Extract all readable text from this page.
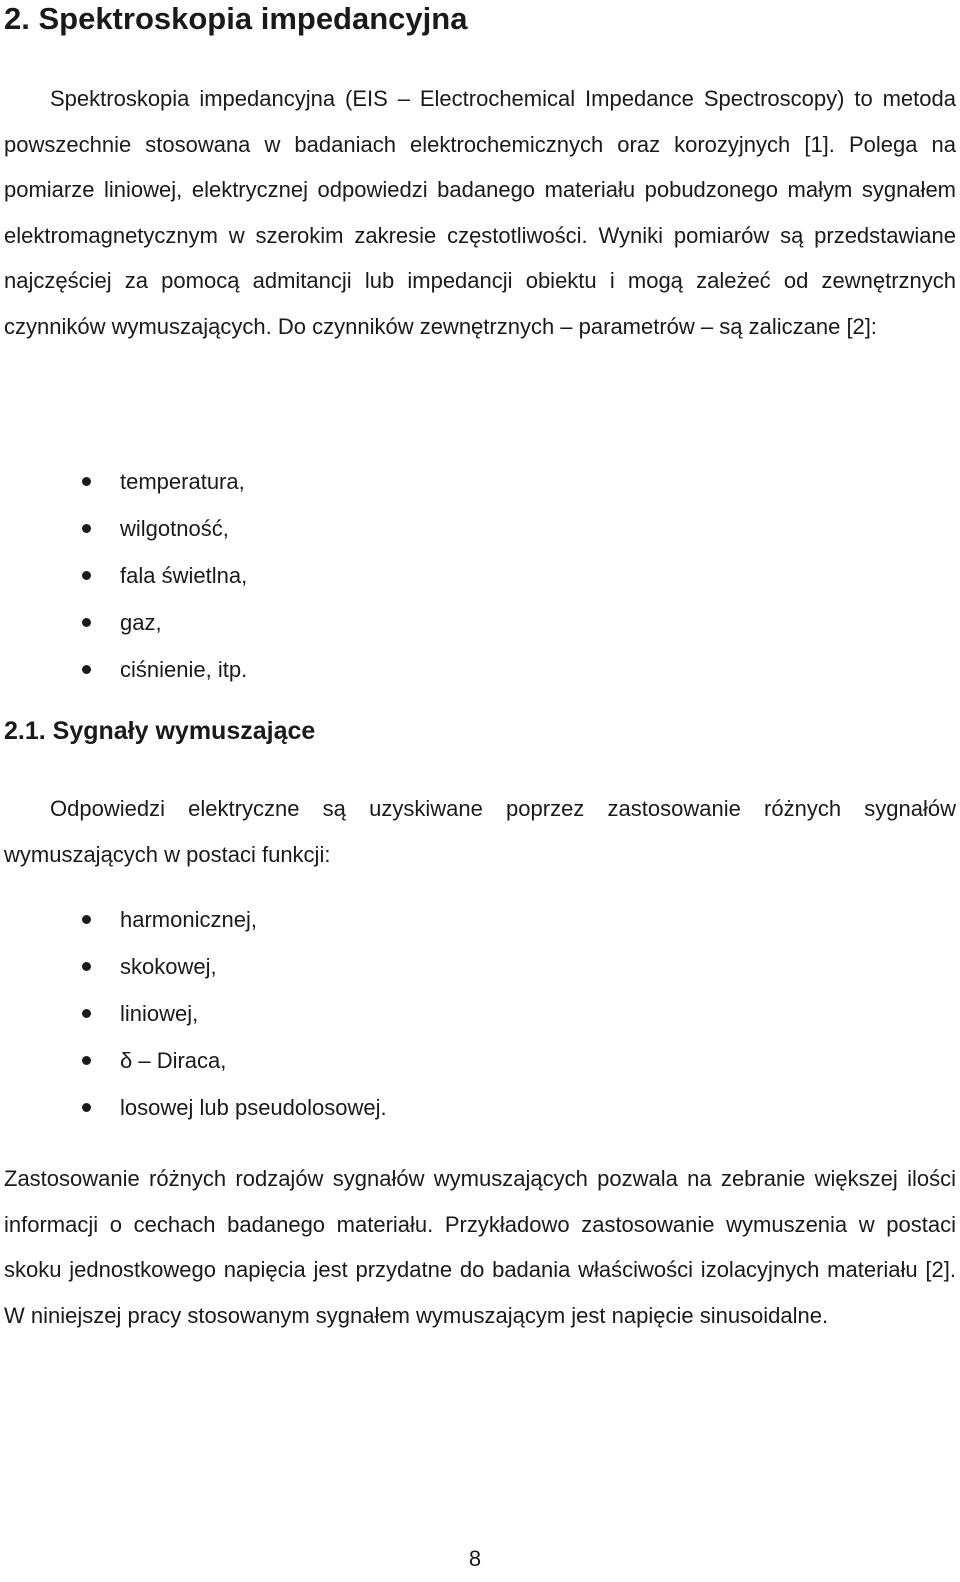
2. Spektroskopia impedancyjna

Spektroskopia impedancyjna (EIS – Electrochemical Impedance Spectroscopy) to metoda powszechnie stosowana w badaniach elektrochemicznych oraz korozyjnych [1]. Polega na pomiarze liniowej, elektrycznej odpowiedzi badanego materiału pobudzonego małym sygnałem elektromagnetycznym w szerokim zakresie częstotliwości. Wyniki pomiarów są przedstawiane najczęściej za pomocą admitancji lub impedancji obiektu i mogą zależeć od zewnętrznych czynników wymuszających. Do czynników zewnętrznych – parametrów – są zaliczane [2]:

temperatura,
wilgotność,
fala świetlna,
gaz,
ciśnienie, itp.
2.1. Sygnały wymuszające

Odpowiedzi elektryczne są uzyskiwane poprzez zastosowanie różnych sygnałów wymuszających w postaci funkcji:

harmonicznej,
skokowej,
liniowej,
δ – Diraca,
losowej lub pseudolosowej.

Zastosowanie różnych rodzajów sygnałów wymuszających pozwala na zebranie większej ilości informacji o cechach badanego materiału. Przykładowo zastosowanie wymuszenia w postaci skoku jednostkowego napięcia jest przydatne do badania właściwości izolacyjnych materiału [2]. W niniejszej pracy stosowanym sygnałem wymuszającym jest napięcie sinusoidalne.

8
